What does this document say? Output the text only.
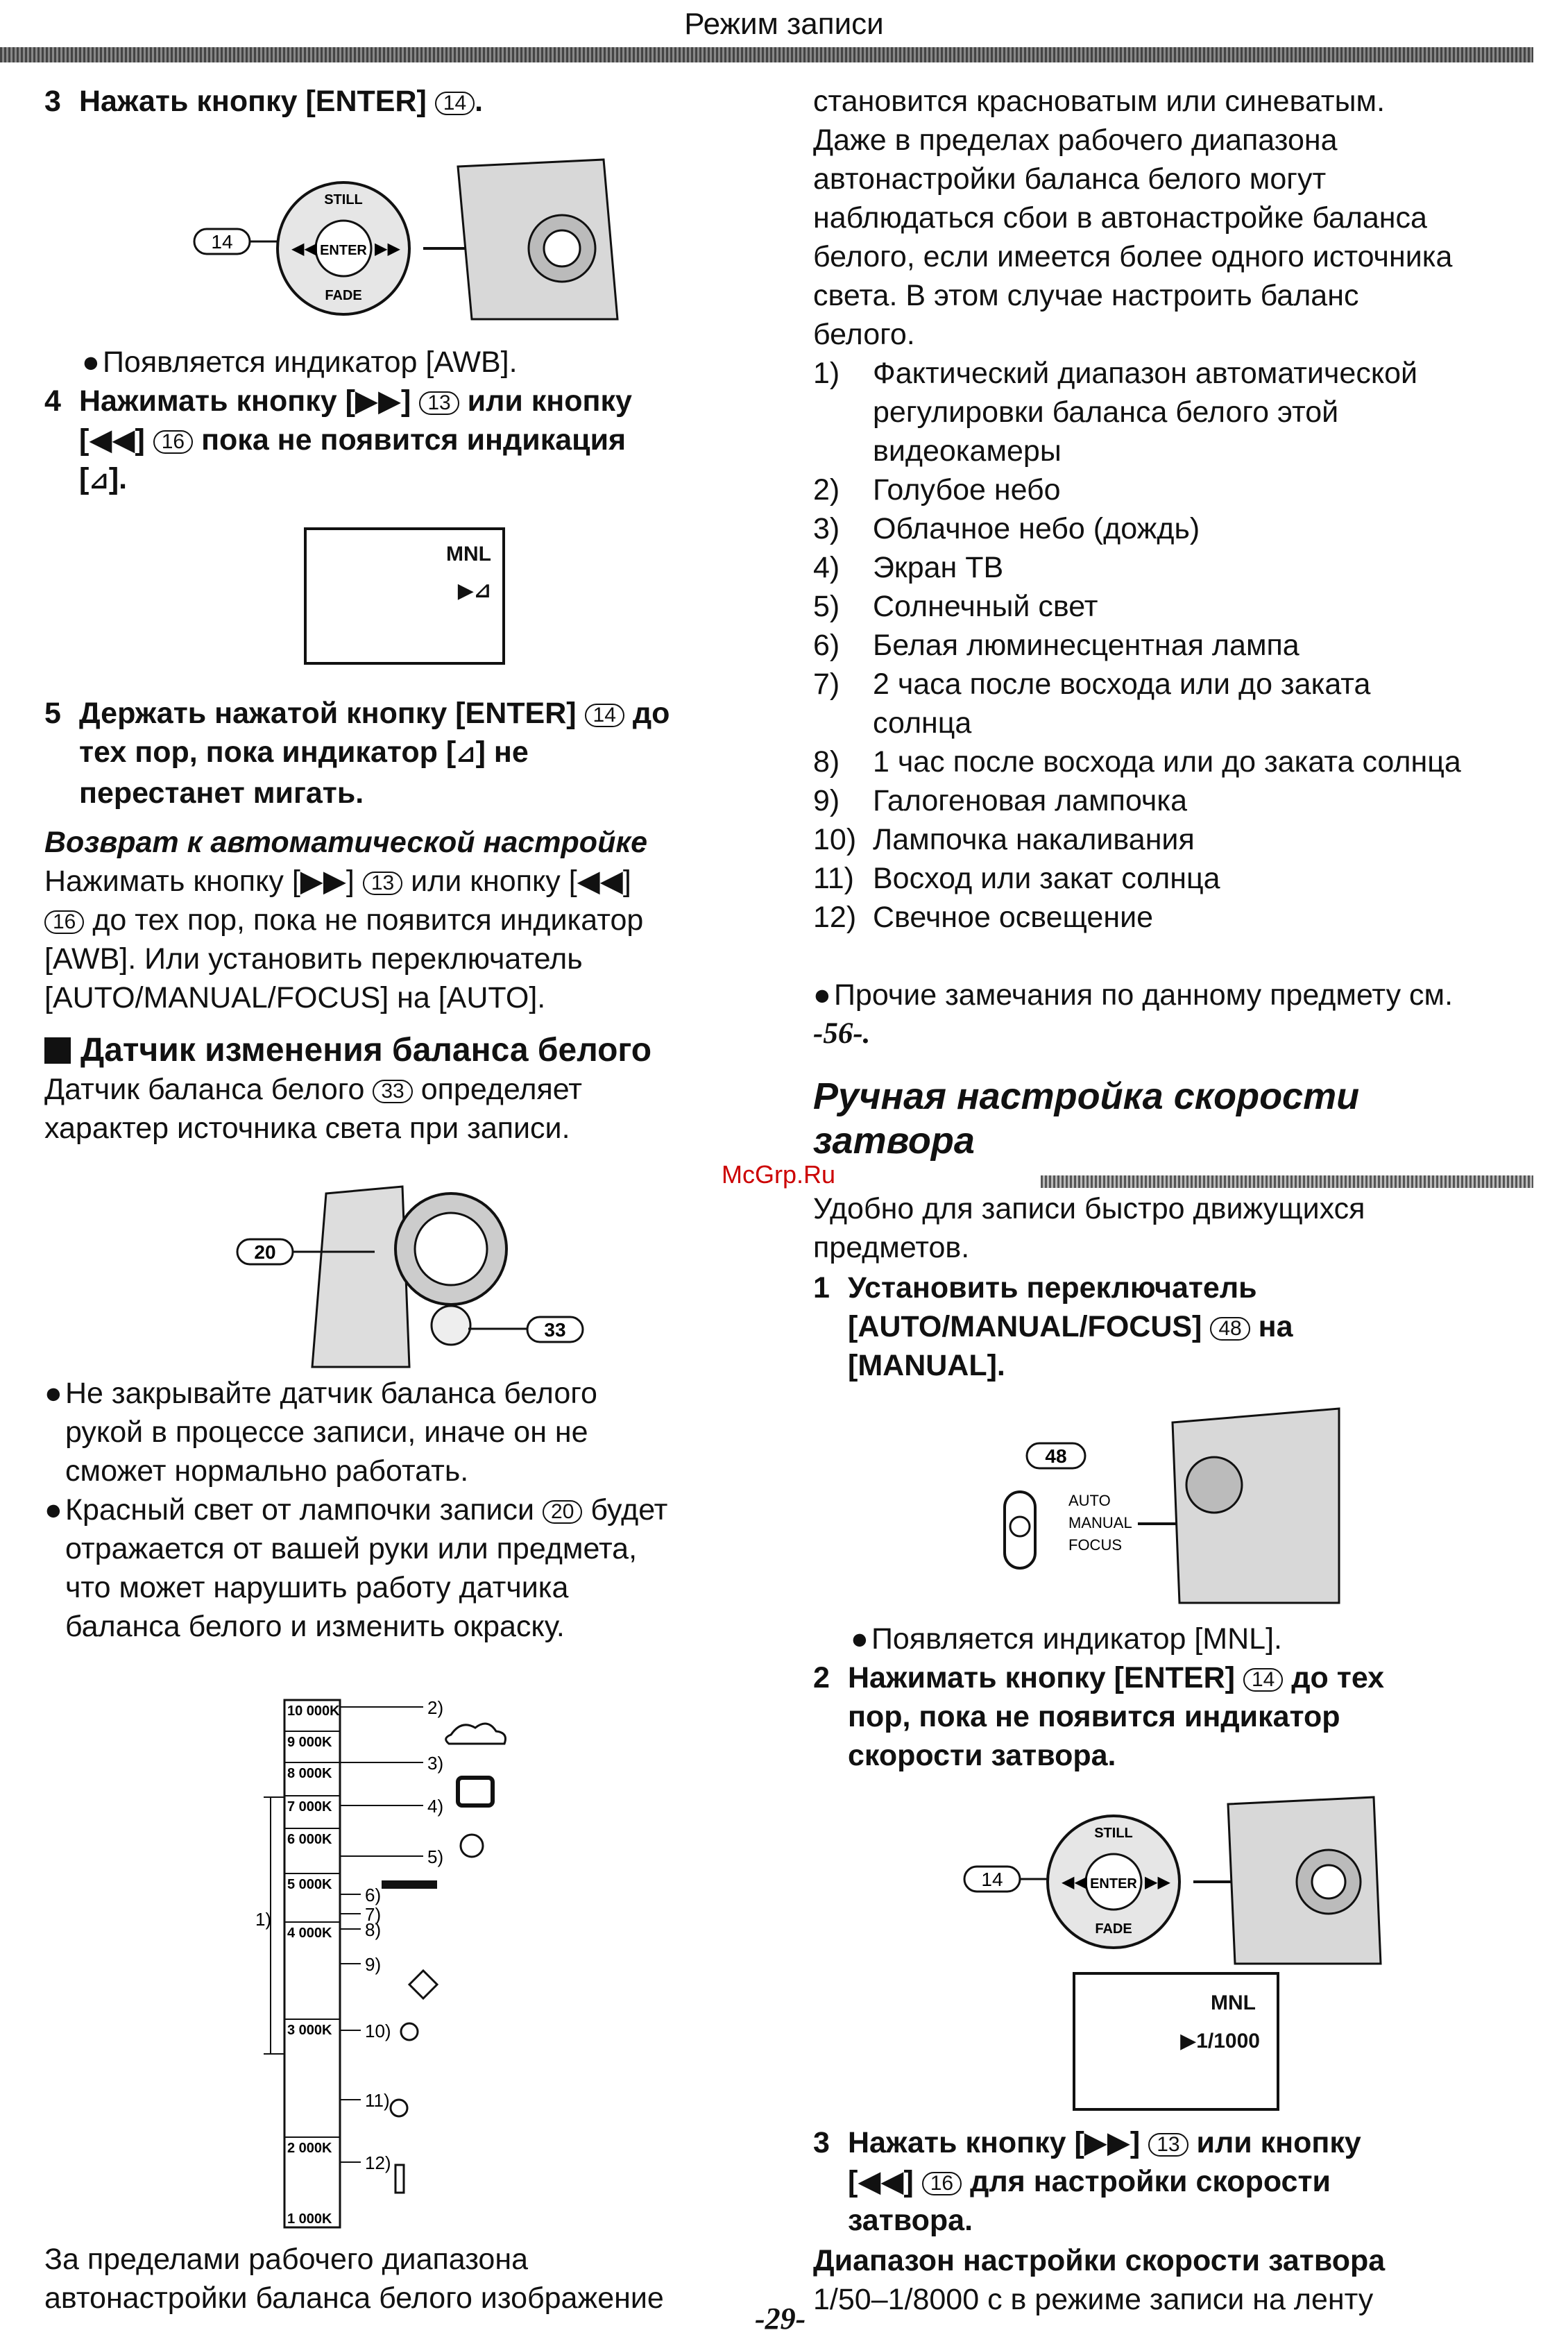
Режим записи
3 Нажать кнопку [ENTER] 14 .
14	ENTER
STILL
FADE
◀◀	▶▶
● Появляется индикатор [AWB].
4 Нажимать кнопку [▶▶] 13 или кнопку
[◀◀] 16 пока не появится индикация
[⊿].
MNL
▶⊿
5 Держать нажатой кнопку [ENTER] 14 до
тех пор, пока индикатор [⊿] не
перестанет мигать.
Возврат к автоматической настройке
Нажимать кнопку [▶▶] 13 или кнопку [◀◀]
16 до тех пор, пока не появится индикатор
[AWB]. Или установить переключатель
[AUTO/MANUAL/FOCUS] на [AUTO].
Датчик изменения баланса белого
Датчик баланса белого 33 определяет
характер источника света при записи.
20
33
● Не закрывайте датчик баланса белого
рукой в процессе записи, иначе он не
сможет нормально работать.
● Красный свет от лампочки записи 20 будет
отражается от вашей руки или предмета,
что может нарушить работу датчика
баланса белого и изменить окраску.
10 000K
9 000K
8 000K
7 000K
6 000K
5 000K
4 000K
3 000K
2 000K
1 000K
2)
3)
4)
5)
6)
7)
8)
9)
10)
11)
12)
1)
За пределами рабочего диапазона
автонастройки баланса белого изображение
становится красноватым или синеватым.
Даже в пределах рабочего диапазона
автонастройки баланса белого могут
наблюдаться сбои в автонастройке баланса
белого, если имеется более одного источника
света. В этом случае настроить баланс
белого.
1)	Фактический диапазон автоматической
регулировки баланса белого этой
видеокамеры
2)	Голубое небо
3)	Облачное небо (дождь)
4)	Экран ТВ
5)	Солнечный свет
6)	Белая люминесцентная лампа
7)	2 часа после восхода или до заката
солнца
8)	1 час после восхода или до заката солнца
9)	Галогеновая лампочка
10) Лампочка накаливания
11) Восход или закат солнца
12) Свечное освещение
● Прочие замечания по данному предмету см.
-56-.
Ручная настройка скорости
затвора
McGrp.Ru
Удобно для записи быстро движущихся
предметов.
1 Установить переключатель
[AUTO/MANUAL/FOCUS] 48 на
[MANUAL].
48
AUTO
MANUAL
FOCUS
● Появляется индикатор [MNL].
2 Нажимать кнопку [ENTER] 14 до тех
пор, пока не появится индикатор
скорости затвора.
14	ENTER
STILL
FADE
◀◀	▶▶
MNL
▶1/1000
3 Нажать кнопку [▶▶] 13 или кнопку
[◀◀] 16 для настройки скорости
затвора.
Диапазон настройки скорости затвора
1/50–1/8000 с в режиме записи на ленту
-29-
